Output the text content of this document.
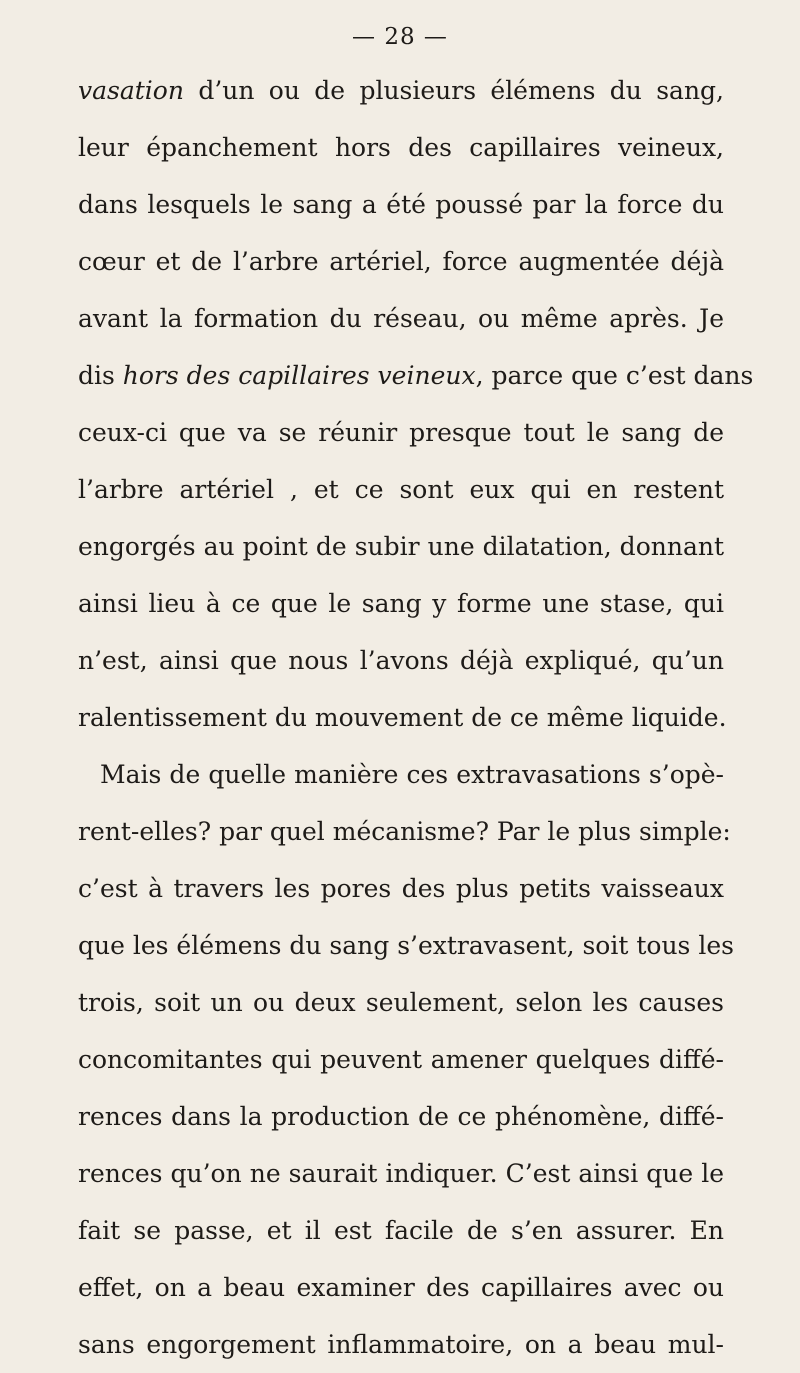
— 28 —
vasation d’un ou de plusieurs élémens du sang,
leur épanchement hors des capillaires veineux,
dans lesquels le sang a été poussé par la force du
cœur et de l’arbre artériel, force augmentée déjà
avant la formation du réseau, ou même après. Je
dis hors des capillaires veineux, parce que c’est dans
ceux-ci que va se réunir presque tout le sang de
l’arbre artériel , et ce sont eux qui en restent
engorgés au point de subir une dilatation, donnant
ainsi lieu à ce que le sang y forme une stase, qui
n’est, ainsi que nous l’avons déjà expliqué, qu’un
ralentissement du mouvement de ce même liquide.
Mais de quelle manière ces extravasations s’opè-
rent-elles? par quel mécanisme? Par le plus simple:
c’est à travers les pores des plus petits vaisseaux
que les élémens du sang s’extravasent, soit tous les
trois, soit un ou deux seulement, selon les causes
concomitantes qui peuvent amener quelques diffé-
rences dans la production de ce phénomène, diffé-
rences qu’on ne saurait indiquer. C’est ainsi que le
fait se passe, et il est facile de s’en assurer. En
effet, on a beau examiner des capillaires avec ou
sans engorgement inflammatoire, on a beau mul-
